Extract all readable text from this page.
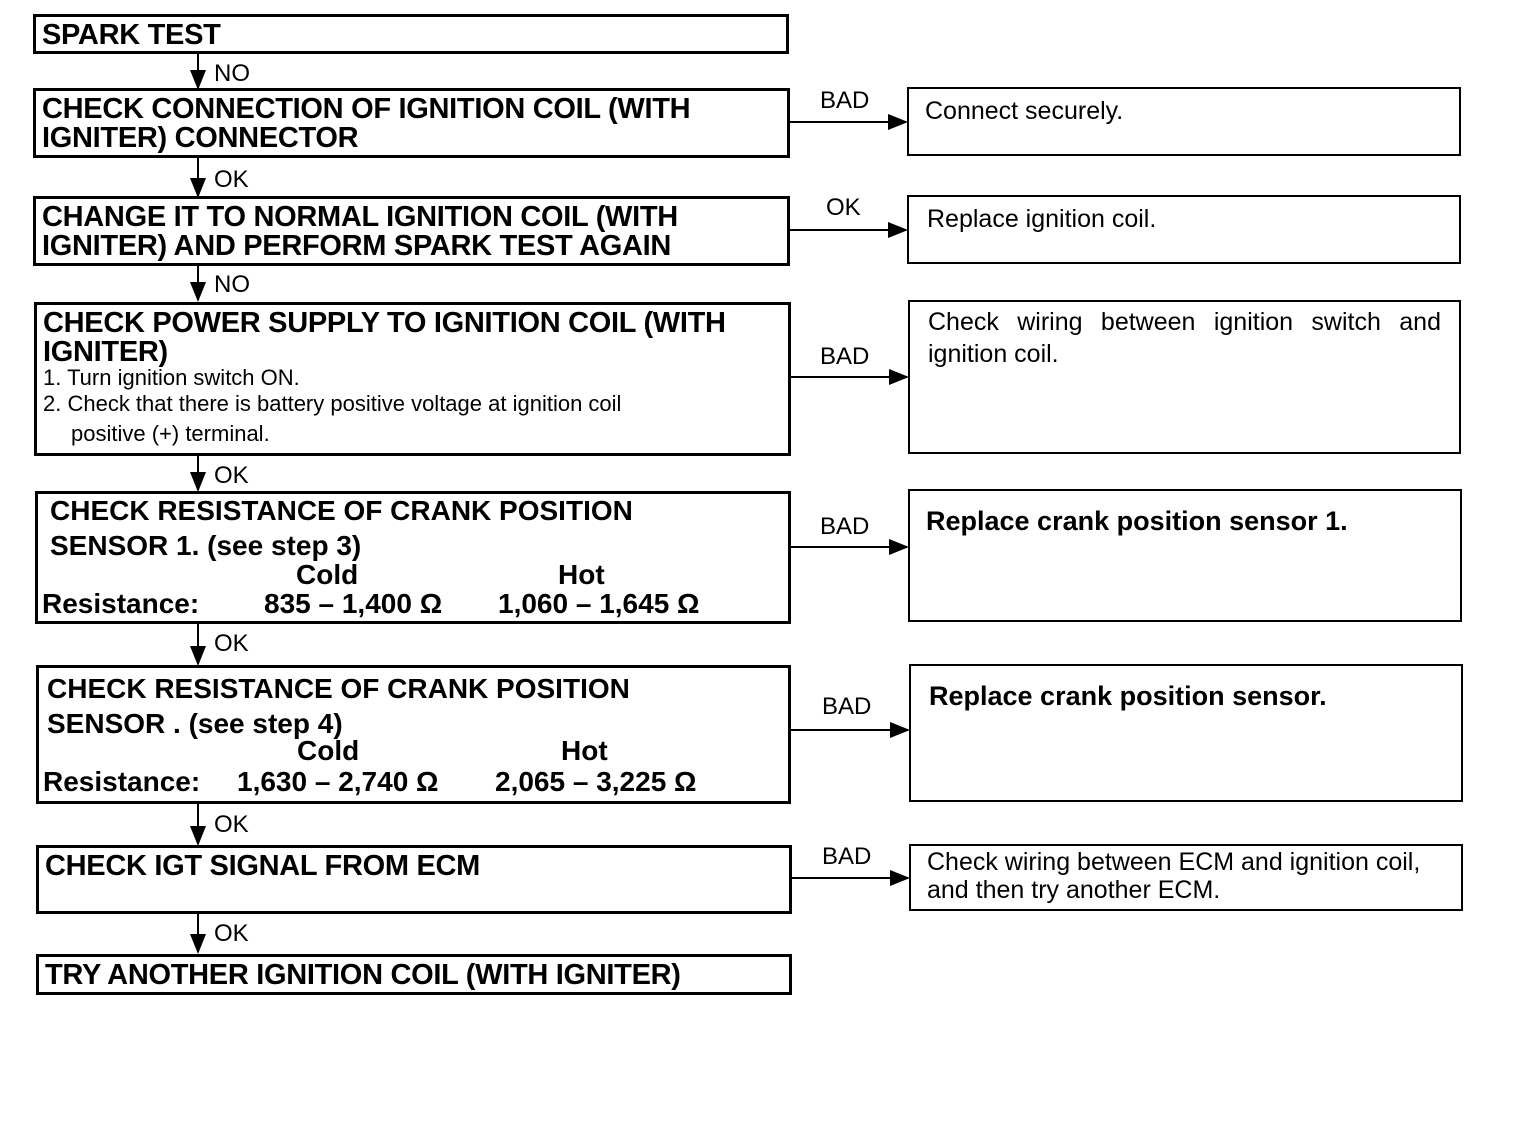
SPARK TEST
NO
CHECK CONNECTION OF IGNITION COIL (WITH
IGNITER) CONNECTOR
BAD Connect securely.
OK
CHANGE IT TO NORMAL IGNITION COIL (WITH
IGNITER) AND PERFORM SPARK TEST AGAIN
OK	Replace ignition coil.
NO
CHECK POWER SUPPLY TO IGNITION COIL (WITH
IGNITER)
1. Turn ignition switch ON.
2. Check that there is battery positive voltage at ignition coil
positive (+) terminal.
BAD
Check wiring between ignition switch and ignition coil.
OK
CHECK RESISTANCE OF CRANK POSITION
SENSOR 1. (see step 3)
Cold	Hot
Resistance: 835 – 1,400 Ω 1,060 – 1,645 Ω
BAD Replace crank position sensor 1.
OK
CHECK RESISTANCE OF CRANK POSITION
SENSOR . (see step 4)
Cold	Hot
Resistance: 1,630 – 2,740 Ω 2,065 – 3,225 Ω
BAD Replace crank position sensor.
OK
CHECK IGT SIGNAL FROM ECM	BAD Check wiring between ECM and ignition coil, and then try another ECM.
OK
TRY ANOTHER IGNITION COIL (WITH IGNITER)
